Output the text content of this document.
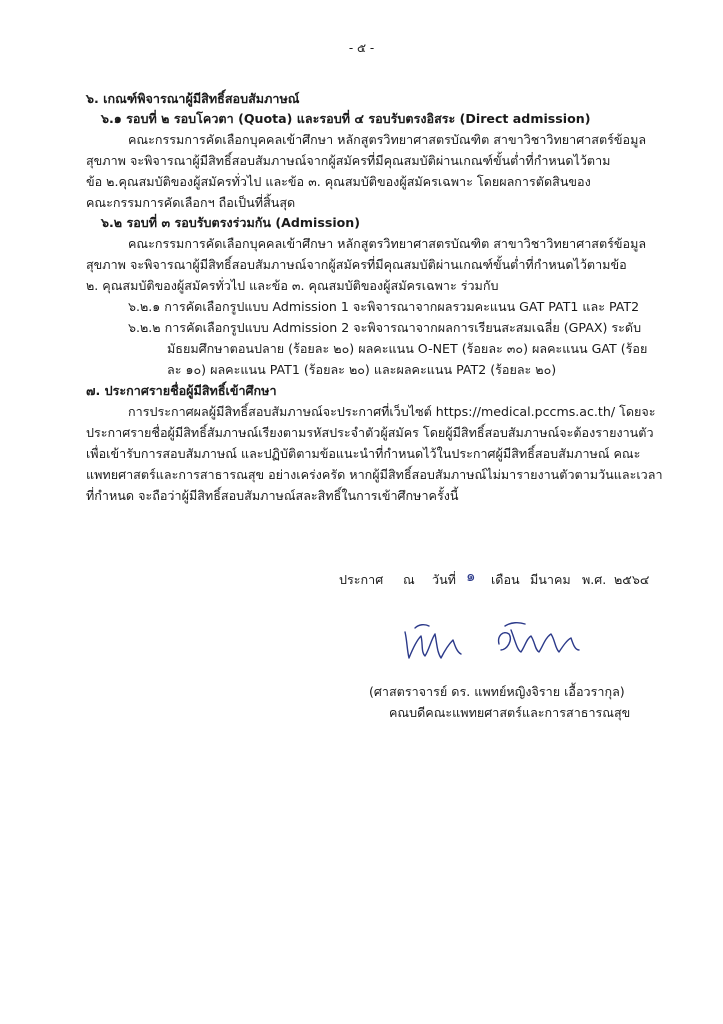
- ๕ -
๖. เกณฑ์พิจารณาผู้มีสิทธิ์สอบสัมภาษณ์
๖.๑ รอบที่ ๒ รอบโควตา (Quota) และรอบที่ ๔ รอบรับตรงอิสระ (Direct admission)
คณะกรรมการคัดเลือกบุคคลเข้าศึกษา หลักสูตรวิทยาศาสตรบัณฑิต สาขาวิชาวิทยาศาสตร์ข้อมูล
สุขภาพ จะพิจารณาผู้มีสิทธิ์สอบสัมภาษณ์จากผู้สมัครที่มีคุณสมบัติผ่านเกณฑ์ขั้นต่ำที่กำหนดไว้ตาม
ข้อ ๒.คุณสมบัติของผู้สมัครทั่วไป และข้อ ๓. คุณสมบัติของผู้สมัครเฉพาะ โดยผลการตัดสินของ
คณะกรรมการคัดเลือกฯ ถือเป็นที่สิ้นสุด
๖.๒ รอบที่ ๓ รอบรับตรงร่วมกัน (Admission)
คณะกรรมการคัดเลือกบุคคลเข้าศึกษา หลักสูตรวิทยาศาสตรบัณฑิต สาขาวิชาวิทยาศาสตร์ข้อมูล
สุขภาพ จะพิจารณาผู้มีสิทธิ์สอบสัมภาษณ์จากผู้สมัครที่มีคุณสมบัติผ่านเกณฑ์ขั้นต่ำที่กำหนดไว้ตามข้อ
๒. คุณสมบัติของผู้สมัครทั่วไป และข้อ ๓. คุณสมบัติของผู้สมัครเฉพาะ ร่วมกับ
๖.๒.๑ การคัดเลือกรูปแบบ Admission 1 จะพิจารณาจากผลรวมคะแนน GAT PAT1 และ PAT2
๖.๒.๒ การคัดเลือกรูปแบบ Admission 2 จะพิจารณาจากผลการเรียนสะสมเฉลี่ย (GPAX) ระดับ
มัธยมศึกษาตอนปลาย (ร้อยละ ๒๐) ผลคะแนน O-NET (ร้อยละ ๓๐) ผลคะแนน GAT (ร้อย
ละ ๑๐) ผลคะแนน PAT1 (ร้อยละ ๒๐) และผลคะแนน PAT2 (ร้อยละ ๒๐)
๗. ประกาศรายชื่อผู้มีสิทธิ์เข้าศึกษา
การประกาศผลผู้มีสิทธิ์สอบสัมภาษณ์จะประกาศที่เว็บไซต์ https://medical.pccms.ac.th/ โดยจะ
ประกาศรายชื่อผู้มีสิทธิ์สัมภาษณ์เรียงตามรหัสประจำตัวผู้สมัคร โดยผู้มีสิทธิ์สอบสัมภาษณ์จะต้องรายงานตัว
เพื่อเข้ารับการสอบสัมภาษณ์ และปฏิบัติตามข้อแนะนำที่กำหนดไว้ในประกาศผู้มีสิทธิ์สอบสัมภาษณ์ คณะ
แพทยศาสตร์และการสาธารณสุข อย่างเคร่งครัด หากผู้มีสิทธิ์สอบสัมภาษณ์ไม่มารายงานตัวตามวันและเวลา
ที่กำหนด จะถือว่าผู้มีสิทธิ์สอบสัมภาษณ์สละสิทธิ์ในการเข้าศึกษาครั้งนี้
ประกาศ ณ วันที่ ๑ เดือน มีนาคม พ.ศ. ๒๕๖๔
(ศาสตราจารย์ ดร. แพทย์หญิงจิราย เอื้อวรากุล)
คณบดีคณะแพทยศาสตร์และการสาธารณสุข
